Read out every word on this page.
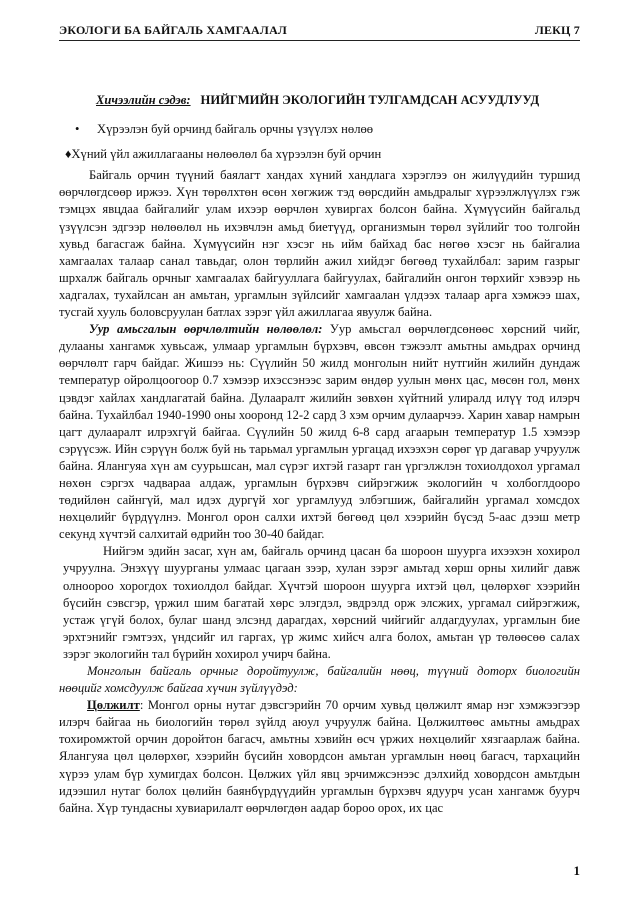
ЭКОЛОГИ БА БАЙГАЛЬ ХАМГААЛАЛ	ЛЕКЦ 7
Хичээлийн сэдэв: НИЙГМИЙН ЭКОЛОГИЙН ТУЛГАМДСАН АСУУДЛУУД
• Хүрээлэн буй орчинд байгаль орчны үзүүлэх нөлөө
♦Хүний үйл ажиллагааны нөлөөлөл ба хүрээлэн буй орчин

Байгаль орчин түүний баялагт хандах хүний хандлага хэрэглээ он жилүүдийн туршид өөрчлөгдсөөр иржээ. Хүн төрөлхтөн өсөн хөгжиж тэд өөрсдийн амьдралыг хүрээлжлүүлэх гэж тэмцэх явцдаа байгалийг улам ихээр өөрчлөн хувиргах болсон байна. Хүмүүсийн байгальд үзүүлсэн эдгээр нөлөөлөл нь ихэвчлэн амьд биетүүд, организмын төрөл зүйлийг тоо толгойн хувьд багасгаж байна. Хүмүүсийн нэг хэсэг нь ийм байхад бас нөгөө хэсэг нь байгалиа хамгаалах талаар санал тавьдаг, олон төрлийн ажил хийдэг бөгөөд тухайлбал: зарим газрыг шрхалж байгаль орчныг хамгаалах байгууллага байгуулах, байгалийн онгон төрхийг хэвээр нь хадгалах, тухайлсан ан амьтан, ургамлын зүйлсийг хамгаалан үлдээх талаар арга хэмжээ шах, тусгай хууль боловсруулан батлах зэрэг үйл ажиллагаа явуулж байна.

Уур амьсгалын өөрчлөлтийн нөлөөлөл: Уур амьсгал өөрчлөгдсөнөөс хөрсний чийг, дулааны хангамж хувьсаж, улмаар ургамлын бүрхэвч, өвсөн тэжээлт амьтны амьдрах орчинд өөрчлөлт гарч байдаг. Жишээ нь: Сүүлийн 50 жилд монголын нийт нутгийн жилийн дундаж температур ойролцоогоор 0.7 хэмээр ихэссэнээс зарим өндөр уулын мөнх цас, мөсөн гол, мөнх цэвдэг хайлах хандлагатай байна. Дулааралт жилийн зөвхөн хүйтний улиралд илүү тод илэрч байна. Тухайлбал 1940-1990 оны хооронд 12-2 сард 3 хэм орчим дулаарчээ. Харин хавар намрын цагт дулааралт илрэхгүй байгаа. Сүүлийн 50 жилд 6-8 сард агаарын температур 1.5 хэмээр сэрүүсэж. Ийн сэрүүн болж буй нь тарьмал ургамлын ургацад ихээхэн сөрөг үр дагавар учруулж байна. Ялангуяа хүн ам суурьшсан, мал сүрэг ихтэй газарт ган үргэлжлэн тохиолдохол ургамал нөхөн сэргэх чадвараа алдаж, ургамлын бүрхэвч сийрэгжиж экологийн ч холбоглдооро төдийлөн сайнгүй, мал идэх дургүй хог ургамлууд элбэгшиж, байгалийн ургамал хомсдох нөхцөлийг бүрдүүлнэ. Монгол орон салхи ихтэй бөгөөд цөл хээрийн бүсэд 5-аас дээш метр секунд хүчтэй салхитай өдрийн тоо 30-40 байдаг.

Нийгэм эдийн засаг, хүн ам, байгаль орчинд цасан ба шороон шуурга ихээхэн хохирол учруулна. Энэхүү шуурганы улмаас цагаан зээр, хулан зэрэг амьтад хөрш орны хилийг давж олноороо хорогдох тохиолдол байдаг. Хүчтэй шороон шуурга ихтэй цөл, цөлөрхөг хээрийн бүсийн сэвсгэр, үржил шим багатай хөрс элэгдэл, эвдрэлд орж элсжих, ургамал сийрэгжиж, устаж үгүй болох, булаг шанд элсэнд дарагдах, хөрсний чийгийг алдагдуулах, ургамлын бие эрхтэнийг гэмтээх, үндсийг ил гаргах, үр жимс хийсч алга болох, амьтан үр төлөөсөө салах зэрэг экологийн тал бүрийн хохирол учирч байна.

Монголын байгаль орчныг доройтуулж, байгалийн нөөц, түүний доторх биологийн нөөцийг хомсдуулж байгаа хүчин зүйлүүдэд:

Цөлжилт: Монгол орны нутаг дэвсгэрийн 70 орчим хувьд цөлжилт ямар нэг хэмжээгээр илэрч байгаа нь биологийн төрөл зүйлд аюул учруулж байна. Цөлжилтөөс амьтны амьдрах тохиромжтой орчин доройтон багасч, амьтны хэвийн өсч үржих нөхцөлийг хязгаарлаж байна. Ялангуяа цөл цөлөрхөг, хээрийн бүсийн ховордсон амьтан ургамлын нөөц багасч, тархацийн хүрээ улам бүр хумигдах болсон. Цөлжих үйл явц эрчимжсэнээс дэлхийд ховордсон амьтдын идээшил нутаг болох цөлийн баянбүрдүүдийн ургамлын бүрхэвч ядуурч усан хангамж буурч байна. Хүр тундасны хувиарилалт өөрчлөгдөн аадар бороо орох, их цас

1
